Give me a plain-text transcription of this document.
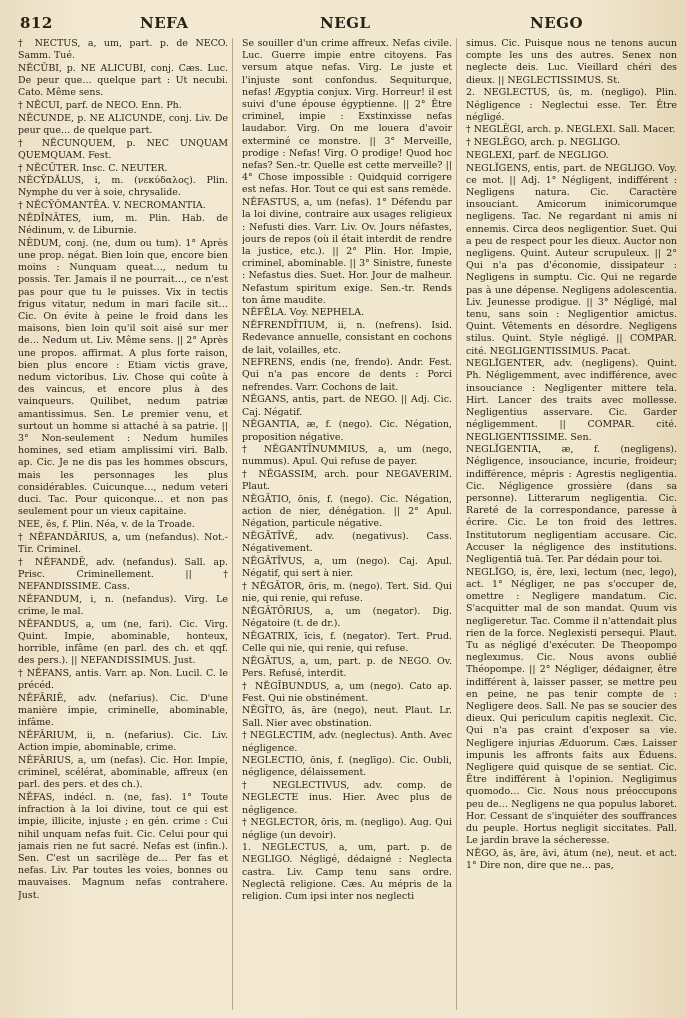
812	NEFA	NEGL	NEGO

† NECTUS, a, um, part. p. de NECO. Samm. Tué.

NĔCŪBI, p. NE ALICUBI, conj. Cæs. Luc. De peur que… quelque part : Ut necubi. Cato. Même sens.

† NĔCUI, parf. de NECO. Enn. Ph.

NĔCUNDE, p. NE ALICUNDE, conj. Liv. De peur que… de quelque part.

† NĔCUNQUEM, p. NEC UNQUAM QUEMQUAM. Fest.

† NĔCŪTER. Insc. C. NEUTER.

NĔCȲDĂLUS, i, m. (νεκύδαλος). Plin. Nymphe du ver à soie, chrysalide.

† NĔCȲŎMANTĒA. V. NECROMANTIA.

NĔDĪNĀTES, ium, m. Plin. Hab. de Nédinum, v. de Liburnie.

NĒDUM, conj. (ne, dum ou tum). 1° Après une prop. négat. Bien loin que, encore bien moins : Nunquam queat…, nedum tu possis. Ter. Jamais il ne pourrait…, ce n'est pas pour que tu le puisses. Vix in tectis frigus vitatur, nedum in mari facile sit… Cic. On évite à peine le froid dans les maisons, bien loin qu'il soit aisé sur mer de… Nedum ut. Liv. Même sens. || 2° Après une propos. affirmat. A plus forte raison, bien plus encore : Etiam victis grave, nedum victoribus. Liv. Chose qui coûte à des vaincus, et encore plus à des vainqueurs. Quilibet, nedum patriæ amantissimus. Sen. Le premier venu, et surtout un homme si attaché à sa patrie. || 3° Non-seulement : Nedum humiles homines, sed etiam amplissimi viri. Balb. ap. Cic. Je ne dis pas les hommes obscurs, mais les personnages les plus considérables. Cuicunque…, nedum veteri duci. Tac. Pour quiconque… et non pas seulement pour un vieux capitaine.

NEE, ĕs, f. Plin. Néa, v. de la Troade.

† NĔFANDĀRIUS, a, um (nefandus). Not.-Tir. Criminel.

† NĔFANDĒ, adv. (nefandus). Sall. ap. Prisc. Criminellement. || † NEFANDISSIME. Cass.

NĔFANDUM, i, n. (nefandus). Virg. Le crime, le mal.

NĔFANDUS, a, um (ne, fari). Cic. Virg. Quint. Impie, abominable, honteux, horrible, infâme (en parl. des ch. et qqf. des pers.). || NEFANDISSIMUS. Just.

† NĔFANS, antis. Varr. ap. Non. Lucil. C. le précéd.

NĔFĀRIĒ, adv. (nefarius). Cic. D'une manière impie, criminelle, abominable, infâme.

NĔFĀRIUM, ii, n. (nefarius). Cic. Liv. Action impie, abominable, crime.

NĔFĀRIUS, a, um (nefas). Cic. Hor. Impie, criminel, scélérat, abominable, affreux (en parl. des pers. et des ch.).

NĔFAS, indécl. n. (ne, fas). 1° Toute infraction à la loi divine, tout ce qui est impie, illicite, injuste ; en gén. crime : Cui nihil unquam nefas fuit. Cic. Celui pour qui jamais rien ne fut sacré. Nefas est (infin.). Sen. C'est un sacrilège de… Per fas et nefas. Liv. Par toutes les voies, bonnes ou mauvaises. Magnum nefas contrahere. Just.

Se souiller d'un crime affreux. Nefas civile. Luc. Guerre impie entre citoyens. Fas versum atque nefas. Virg. Le juste et l'injuste sont confondus. Sequiturque, nefas! Ægyptia conjux. Virg. Horreur! il est suivi d'une épouse égyptienne. || 2° Être criminel, impie : Exstinxisse nefas laudabor. Virg. On me louera d'avoir exterminé ce monstre. || 3° Merveille, prodige : Nefas! Virg. O prodige! Quod hoc nefas? Sen.-tr. Quelle est cette merveille? || 4° Chose impossible : Quidquid corrigere est nefas. Hor. Tout ce qui est sans remède.

NĔFASTUS, a, um (nefas). 1° Défendu par la loi divine, contraire aux usages religieux : Nefusti dies. Varr. Liv. Ov. Jours néfastes, jours de repos (où il était interdit de rendre la justice, etc.). || 2° Plin. Hor. Impie, criminel, abominable. || 3° Sinistre, funeste : Nefastus dies. Suet. Hor. Jour de malheur. Nefastum spiritum exige. Sen.-tr. Rends ton âme maudite.

NĔFĔLA. Voy. NEPHELA.

NĔFRENDĪTIUM, ii, n. (nefrens). Isid. Redevance annuelle, consistant en cochons de lait, volailles, etc.

NEFRENS, endis (ne, frendo). Andr. Fest. Qui n'a pas encore de dents : Porci nefrendes. Varr. Cochons de lait.

NĔGANS, antis, part. de NEGO. || Adj. Cic. Caj. Négatif.

NĔGANTIA, æ, f. (nego). Cic. Négation, proposition négative.

† NĔGANTĪNUMMIUS, a, um (nego, nummus). Apul. Qui refuse de payer.

† NĔGASSIM, arch. pour NEGAVERIM. Plaut.

NĔGĀTIO, ōnis, f. (nego). Cic. Négation, action de nier, dénégation. || 2° Apul. Négation, particule négative.

NĔGĀTĪVĒ, adv. (negativus). Cass. Négativement.

NĔGĀTĪVUS, a, um (nego). Caj. Apul. Négatif, qui sert à nier.

† NĔGĀTOR, ōris, m. (nego). Tert. Sid. Qui nie, qui renie, qui refuse.

NĔGĀTŌRIUS, a, um (negator). Dig. Négatoire (t. de dr.).

NĔGATRIX, īcis, f. (negator). Tert. Prud. Celle qui nie, qui renie, qui refuse.

NĔGĀTUS, a, um, part. p. de NEGO. Ov. Pers. Refusé, interdit.

† NĔGĪBUNDUS, a, um (nego). Cato ap. Fest. Qui nie obstinément.

NĔGĪTO, ās, āre (nego), neut. Plaut. Lr. Sall. Nier avec obstination.

† NEGLECTIM, adv. (neglectus). Anth. Avec négligence.

NEGLECTIO, ōnis, f. (neglīgo). Cic. Oubli, négligence, délaissement.

† NEGLECTIVUS, adv. comp. de NEGLECTE inus. Hier. Avec plus de négligence.

† NEGLECTOR, ōris, m. (negligo). Aug. Qui néglige (un devoir).

1. NEGLECTUS, a, um, part. p. de NEGLIGO. Négligé, dédaigné : Neglecta castra. Liv. Camp tenu sans ordre. Neglectā religione. Cæs. Au mépris de la religion. Cum ipsi inter nos neglecti

simus. Cic. Puisque nous ne tenons aucun compte les uns des autres. Senex non neglecte deis. Luc. Vieillard chéri des dieux. || NEGLECTISSIMUS. St.

2. NEGLECTUS, ūs, m. (negligo). Plin. Négligence : Neglectui esse. Ter. Être négligé.

† NEGLĒGI, arch. p. NEGLEXI. Sall. Macer.

† NEGLĒGO, arch. p. NEGLIGO.

NEGLEXI, parf. de NEGLIGO.

NEGLĬGENS, entis, part. de NEGLIGO. Voy. ce mot. || Adj. 1° Négligent, indifférent : Negligens natura. Cic. Caractère insouciant. Amicorum inimicorumque negligens. Tac. Ne regardant ni amis ni ennemis. Circa deos negligentior. Suet. Qui a peu de respect pour les dieux. Auctor non negligens. Quint. Auteur scrupuleux. || 2° Qui n'a pas d'économie, dissipateur : Negligens in sumptu. Cic. Qui ne regarde pas à une dépense. Negligens adolescentia. Liv. Jeunesse prodigue. || 3° Négligé, mal tenu, sans soin : Negligentior amictus. Quint. Vêtements en désordre. Negligens stilus. Quint. Style négligé. || COMPAR. cité. NEGLIGENTISSIMUS. Pacat.

NEGLĬGENTER, adv. (negligens). Quint. Ph. Négligemment, avec indifférence, avec insouciance : Negligenter mittere tela. Hirt. Lancer des traits avec mollesse. Negligentius asservare. Cic. Garder négligemment. || COMPAR. cité. NEGLIGENTISSIME. Sen.

NEGLĬGENTIA, æ, f. (negligens). Négligence, insouciance, incurie, froideur; indifférence, mépris : Agrestis negligentia. Cic. Négligence grossière (dans sa personne). Litterarum negligentia. Cic. Rareté de la correspondance, paresse à écrire. Cic. Le ton froid des lettres. Institutorum negligentiam accusare. Cic. Accuser la négligence des institutions. Negligentiā tuā. Ter. Par dédain pour toi.

NEGLĬGO, is, ĕre, lexi, lectum (nec, lego), act. 1° Négliger, ne pas s'occuper de, omettre : Negligere mandatum. Cic. S'acquitter mal de son mandat. Quum vis negligeretur. Tac. Comme il n'attendait plus rien de la force. Neglexisti persequi. Plaut. Tu as négligé d'exécuter. De Theopompo neglexımus. Cic. Nous avons oublié Théopompe. || 2° Négliger, dédaigner, être indifférent à, laisser passer, se mettre peu en peine, ne pas tenir compte de : Negligere deos. Sall. Ne pas se soucier des dieux. Qui periculum capitis neglexit. Cic. Qui n'a pas craint d'exposer sa vie. Negligere injurias Æduorum. Cæs. Laisser impunis les affronts faits aux Éduens. Negligere quid quisque de se sentiat. Cic. Être indifférent à l'opinion. Negligimus quomodo… Cic. Nous nous préoccupons peu de… Negligens ne qua populus laboret. Hor. Cessant de s'inquiéter des souffrances du peuple. Hortus negligit siccitates. Pall. Le jardin brave la sécheresse.

NĔGO, ās, āre, āvi, ātum (ne), neut. et act. 1° Dire non, dire que ne… pas,
